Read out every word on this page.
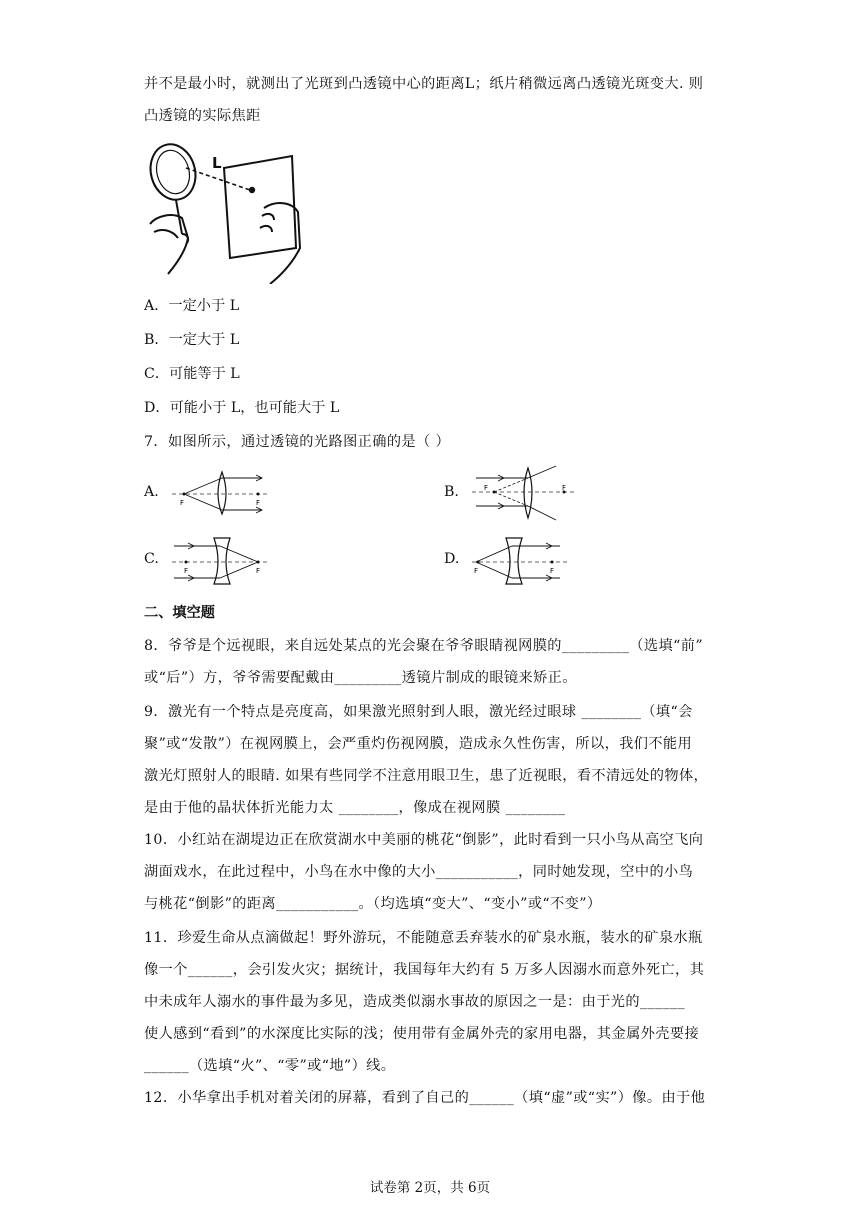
并不是最小时，就测出了光斑到凸透镜中心的距离L；纸片稍微远离凸透镜光斑变大. 则
凸透镜的实际焦距
L
A．一定小于 L
B．一定大于 L
C．可能等于 L
D．可能小于 L，也可能大于 L
7．如图所示，通过透镜的光路图正确的是（ ）
A.	B.
C.	D.
F	F
F	F
F	F	F	F
二、填空题
8．爷爷是个远视眼，来自远处某点的光会聚在爷爷眼睛视网膜的_________（选填“前”
或“后”）方，爷爷需要配戴由_________透镜片制成的眼镜来矫正。
9．激光有一个特点是亮度高，如果激光照射到人眼，激光经过眼球 ________（填“会
聚”或“发散”）在视网膜上，会严重灼伤视网膜，造成永久性伤害，所以，我们不能用
激光灯照射人的眼睛. 如果有些同学不注意用眼卫生，患了近视眼，看不清远处的物体，
是由于他的晶状体折光能力太 ________，像成在视网膜 ________
10．小红站在湖堤边正在欣赏湖水中美丽的桃花“倒影”，此时看到一只小鸟从高空飞向
湖面戏水，在此过程中，小鸟在水中像的大小___________，同时她发现，空中的小鸟
与桃花“倒影”的距离___________。（均选填“变大”、“变小”或“不变”）
11．珍爱生命从点滴做起！野外游玩，不能随意丢弃装水的矿泉水瓶，装水的矿泉水瓶
像一个______，会引发火灾；据统计，我国每年大约有 5 万多人因溺水而意外死亡，其
中未成年人溺水的事件最为多见，造成类似溺水事故的原因之一是：由于光的______
使人感到“看到”的水深度比实际的浅；使用带有金属外壳的家用电器，其金属外壳要接
______（选填“火”、“零”或“地”）线。
12．小华拿出手机对着关闭的屏幕，看到了自己的______（填“虚”或“实”）像。由于他
试卷第 2页，共 6页
